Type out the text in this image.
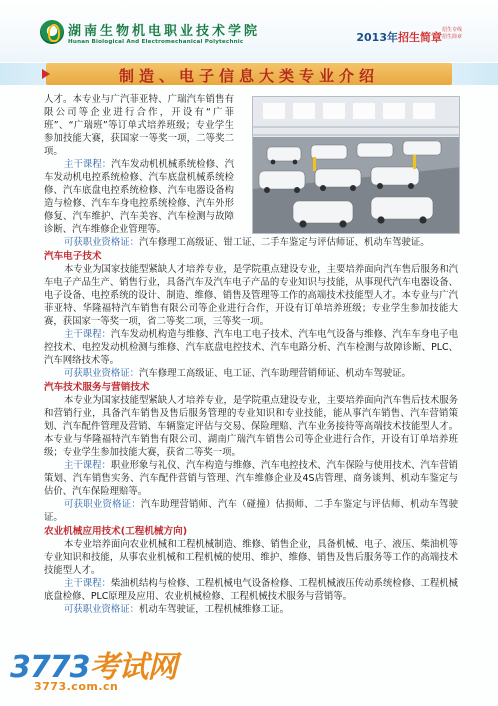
湖南生物机电职业技术学院
Hunan Biological And Electromechanical Polytechnic	2013年招生简章
招生专线 招生简章
制造、电子信息大类专业介绍

人才。本专业与广汽菲亚特、广瑞汽车销售有限公司等企业进行合作，开设有“广菲班”、“广瑞班”等订单式培养班级；专业学生参加技能大赛，获国家一等奖一项，二等奖二项。

主干课程：汽车发动机机械系统检修、汽车发动机电控系统检修、汽车底盘机械系统检修、汽车底盘电控系统检修、汽车电器设备构造与检修、汽车车身电控系统检修、汽车外形修复、汽车维护、汽车美容、汽车检测与故障诊断、汽车维修企业管理等。

可获职业资格证：汽车修理工高级证、钳工证、二手车鉴定与评估师证、机动车驾驶证。

汽车电子技术

本专业为国家技能型紧缺人才培养专业，是学院重点建设专业，主要培养面向汽车售后服务和汽车电子产品生产、销售行业，具备汽车及汽车电子产品的专业知识与技能，从事现代汽车电器设备、电子设备、电控系统的设计、制造、维修、销售及管理等工作的高端技术技能型人才。本专业与广汽菲亚特、华隆福特汽车销售有限公司等企业进行合作，开设有订单培养班级；专业学生参加技能大赛，获国家一等奖一项，省二等奖二项，三等奖一项。

主干课程：汽车发动机构造与维修、汽车电工电子技术、汽车电气设备与维修、汽车车身电子电控技术、电控发动机检测与维修、汽车底盘电控技术、汽车电路分析、汽车检测与故障诊断、PLC、汽车网络技术等。

可获职业资格证：汽车修理工高级证、电工证、汽车助理营销师证、机动车驾驶证。

汽车技术服务与营销技术

本专业为国家技能型紧缺人才培养专业，是学院重点建设专业，主要培养面向汽车售后技术服务和营销行业，具备汽车销售及售后服务管理的专业知识和专业技能，能从事汽车销售、汽车营销策划、汽车配件管理及营销、车辆鉴定评估与交易、保险理赔、汽车业务接待等高端技术技能型人才。本专业与华隆福特汽车销售有限公司、湖南广瑞汽车销售公司等企业进行合作，开设有订单培养班级；专业学生参加技能大赛，获省二等奖一项。

主干课程：职业形象与礼仪、汽车构造与维修、汽车电控技术、汽车保险与使用技术、汽车营销策划、汽车销售实务、汽车配件营销与管理、汽车维修企业及4S店管理、商务谈判、机动车鉴定与估价、汽车保险理赔等。

可获职业资格证：汽车助理营销师、汽车（碰撞）估损师、二手车鉴定与评估师、机动车驾驶证。

农业机械应用技术(工程机械方向)

本专业培养面向农业机械和工程机械制造、维修、销售企业，具备机械、电子、液压、柴油机等专业知识和技能，从事农业机械和工程机械的使用、维护、维修、销售及售后服务等工作的高端技术技能型人才。

主干课程：柴油机结构与检修、工程机械电气设备检修、工程机械液压传动系统检修、工程机械底盘检修、PLC原理及应用、农业机械检修、工程机械技术服务与营销等。

可获职业资格证：机动车驾驶证，工程机械维修工证。

3773考试网
3773.com.cn
